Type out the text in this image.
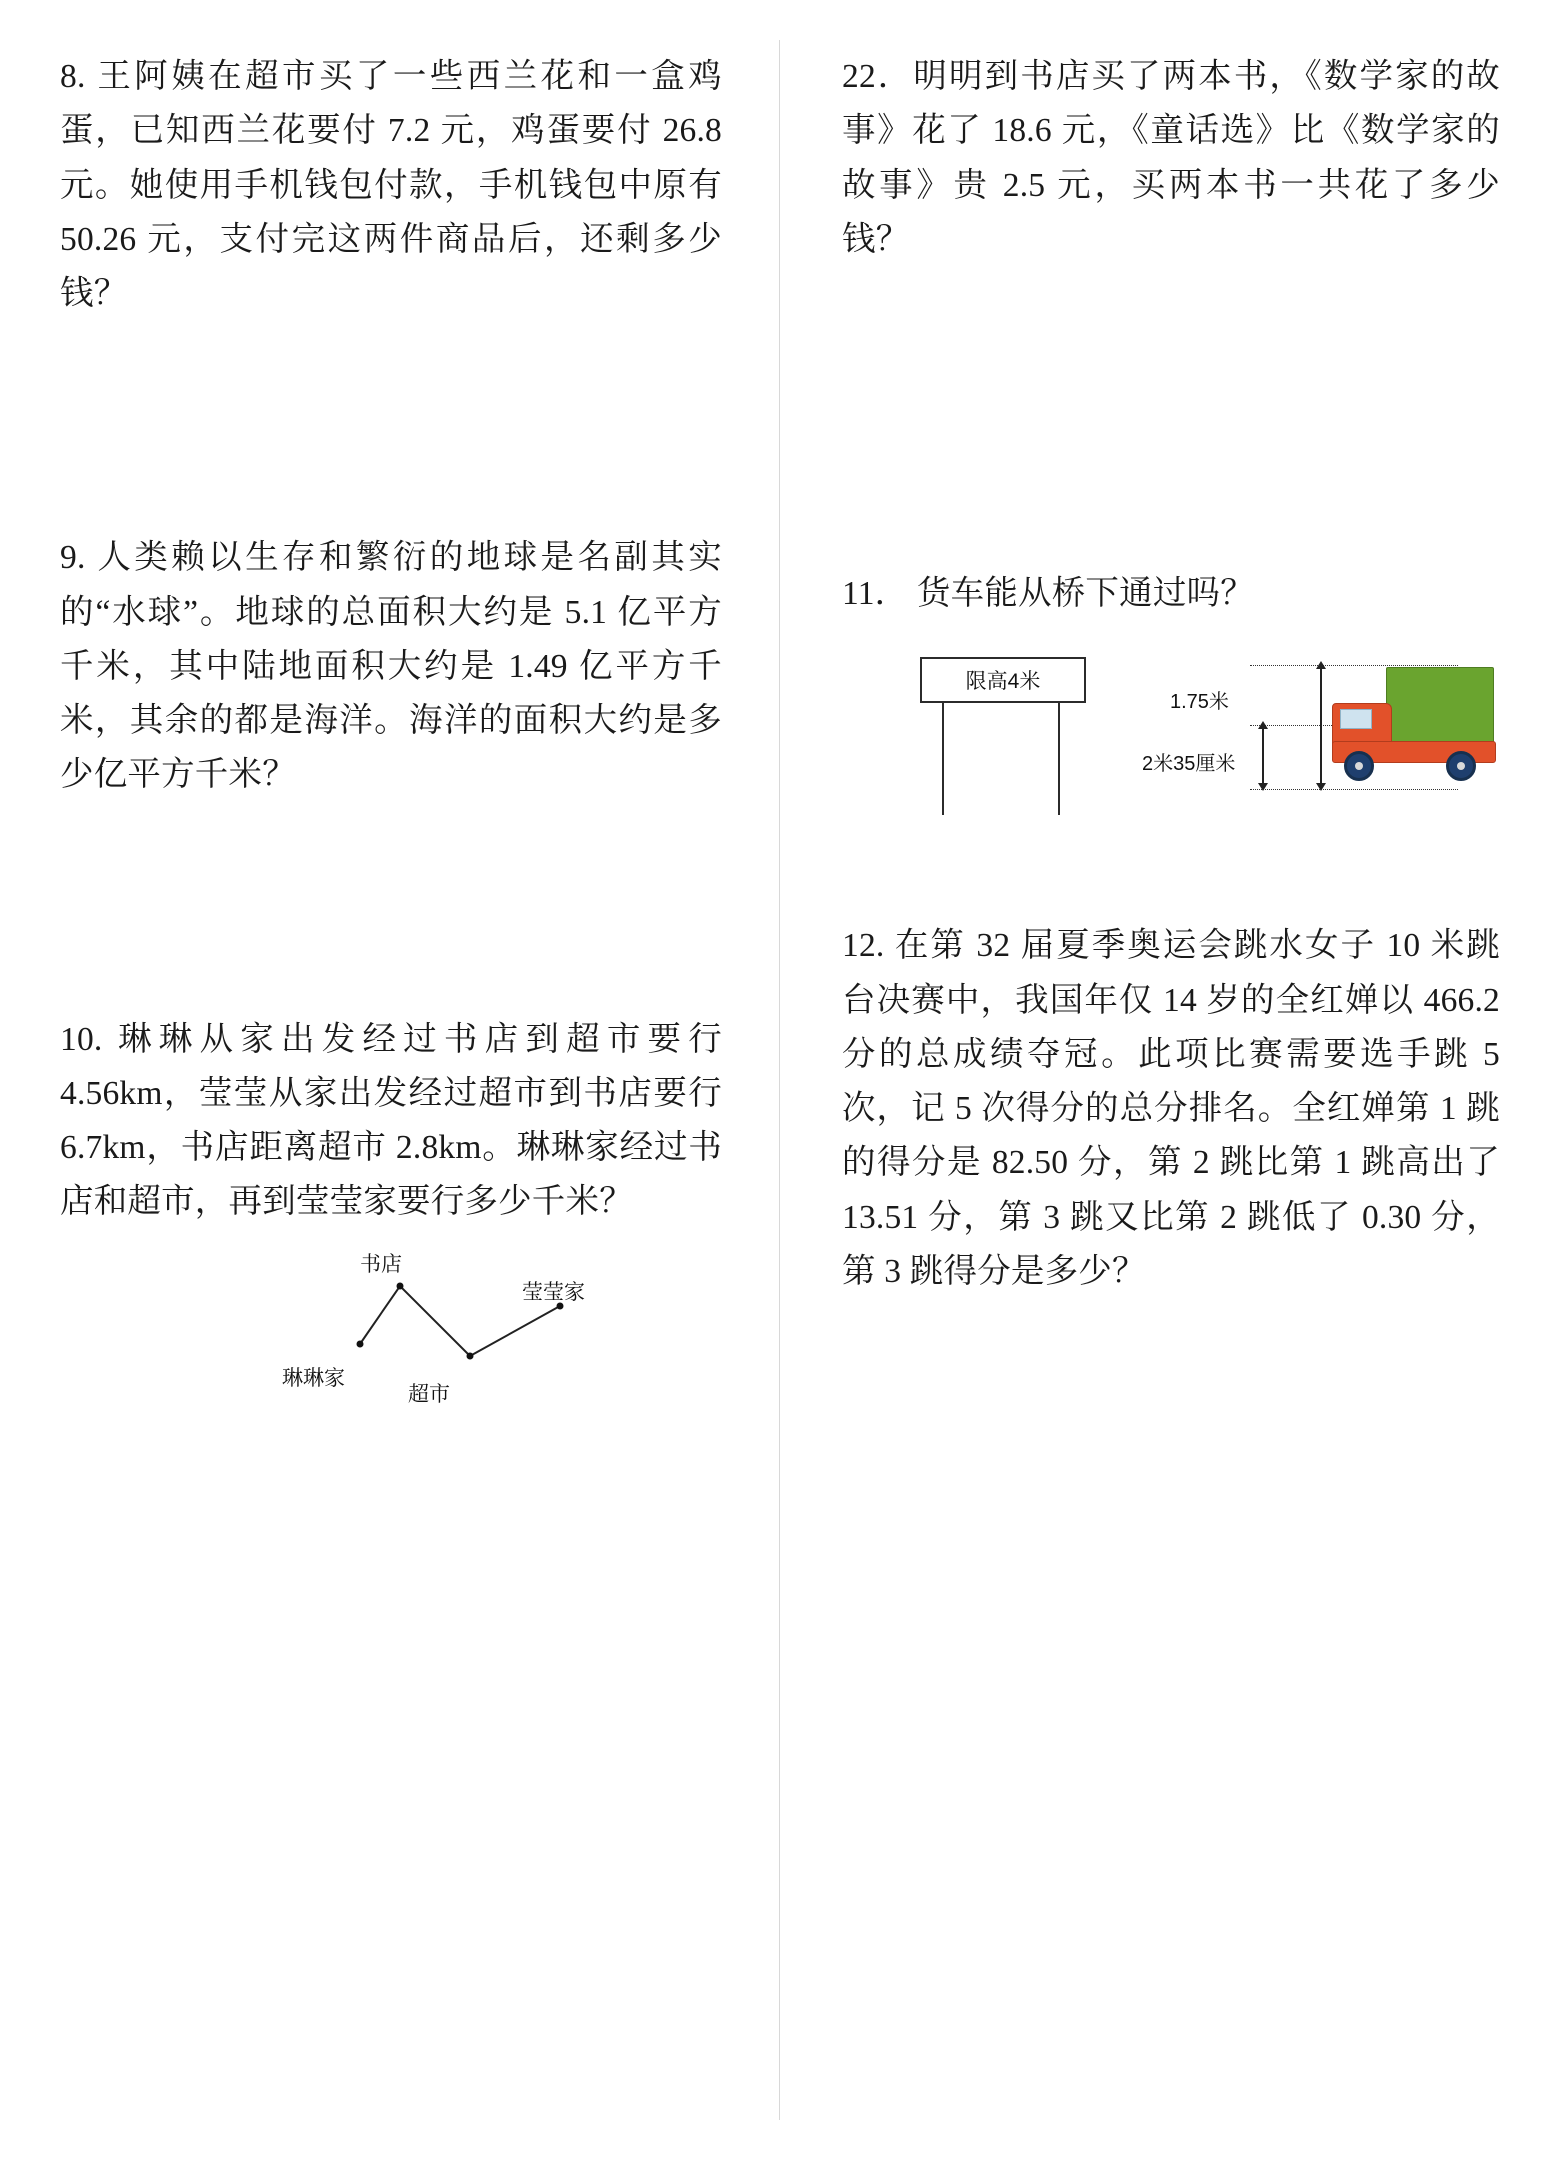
8. 王阿姨在超市买了一些西兰花和一盒鸡蛋，已知西兰花要付 7.2 元，鸡蛋要付 26.8 元。她使用手机钱包付款，手机钱包中原有 50.26 元，支付完这两件商品后，还剩多少钱？
9. 人类赖以生存和繁衍的地球是名副其实的“水球”。地球的总面积大约是 5.1 亿平方千米，其中陆地面积大约是 1.49 亿平方千米，其余的都是海洋。海洋的面积大约是多少亿平方千米？
10. 琳琳从家出发经过书店到超市要行 4.56km，莹莹从家出发经过超市到书店要行 6.7km，书店距离超市 2.8km。琳琳家经过书店和超市，再到莹莹家要行多少千米？
书店
莹莹家
琳琳家
超市
22．明明到书店买了两本书，《数学家的故事》花了 18.6 元，《童话选》比《数学家的故事》贵 2.5 元，买两本书一共花了多少钱？
11． 货车能从桥下通过吗？
限高4米
1.75米
2米35厘米
12. 在第 32 届夏季奥运会跳水女子 10 米跳台决赛中，我国年仅 14 岁的全红婵以 466.2 分的总成绩夺冠。此项比赛需要选手跳 5 次，记 5 次得分的总分排名。全红婵第 1 跳的得分是 82.50 分，第 2 跳比第 1 跳高出了 13.51 分，第 3 跳又比第 2 跳低了 0.30 分，第 3 跳得分是多少？
